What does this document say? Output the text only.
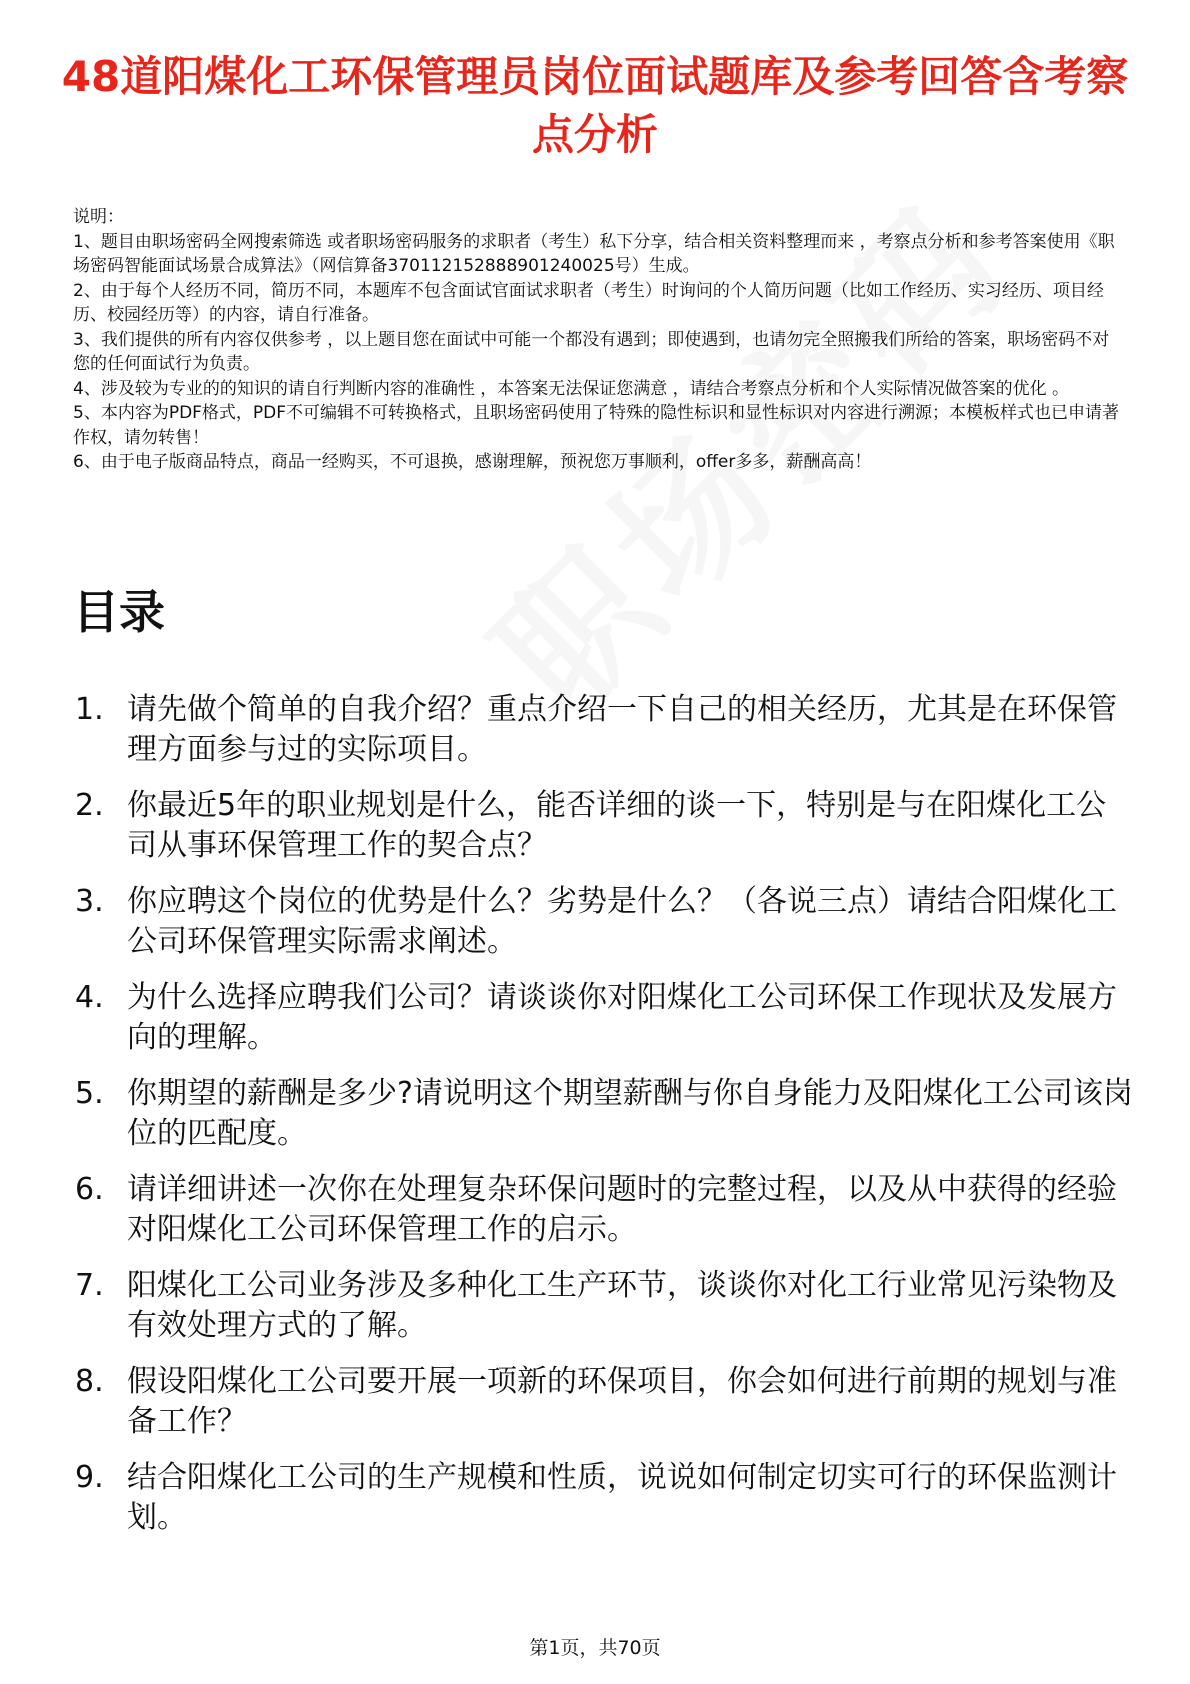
48道阳煤化工环保管理员岗位面试题库及参考回答含考察点分析

说明：

1、题目由职场密码全网搜索筛选 或者职场密码服务的求职者（考生）私下分享，结合相关资料整理而来 ，考察点分析和参考答案使用《职场密码智能面试场景合成算法》（网信算备370112152888901240025号）生成。

2、由于每个人经历不同，简历不同，本题库不包含面试官面试求职者（考生）时询问的个人简历问题（比如工作经历、实习经历、项目经历、校园经历等）的内容，请自行准备。

3、我们提供的所有内容仅供参考 ，以上题目您在面试中可能一个都没有遇到；即使遇到，也请勿完全照搬我们所给的答案，职场密码不对您的任何面试行为负责。

4、涉及较为专业的的知识的请自行判断内容的准确性 ，本答案无法保证您满意 ，请结合考察点分析和个人实际情况做答案的优化 。

5、本内容为PDF格式，PDF不可编辑不可转换格式，且职场密码使用了特殊的隐性标识和显性标识对内容进行溯源；本模板样式也已申请著作权，请勿转售！

6、由于电子版商品特点，商品一经购买，不可退换，感谢理解，预祝您万事顺利，offer多多，薪酬高高！

目录
1. 请先做个简单的自我介绍？重点介绍一下自己的相关经历，尤其是在环保管理方面参与过的实际项目。
2. 你最近5年的职业规划是什么，能否详细的谈一下，特别是与在阳煤化工公司从事环保管理工作的契合点？
3. 你应聘这个岗位的优势是什么？劣势是什么？（各说三点）请结合阳煤化工公司环保管理实际需求阐述。
4. 为什么选择应聘我们公司？请谈谈你对阳煤化工公司环保工作现状及发展方向的理解。
5. 你期望的薪酬是多少?请说明这个期望薪酬与你自身能力及阳煤化工公司该岗位的匹配度。
6. 请详细讲述一次你在处理复杂环保问题时的完整过程，以及从中获得的经验对阳煤化工公司环保管理工作的启示。
7. 阳煤化工公司业务涉及多种化工生产环节，谈谈你对化工行业常见污染物及有效处理方式的了解。
8. 假设阳煤化工公司要开展一项新的环保项目，你会如何进行前期的规划与准备工作？
9. 结合阳煤化工公司的生产规模和性质，说说如何制定切实可行的环保监测计划。
第1页，共70页
